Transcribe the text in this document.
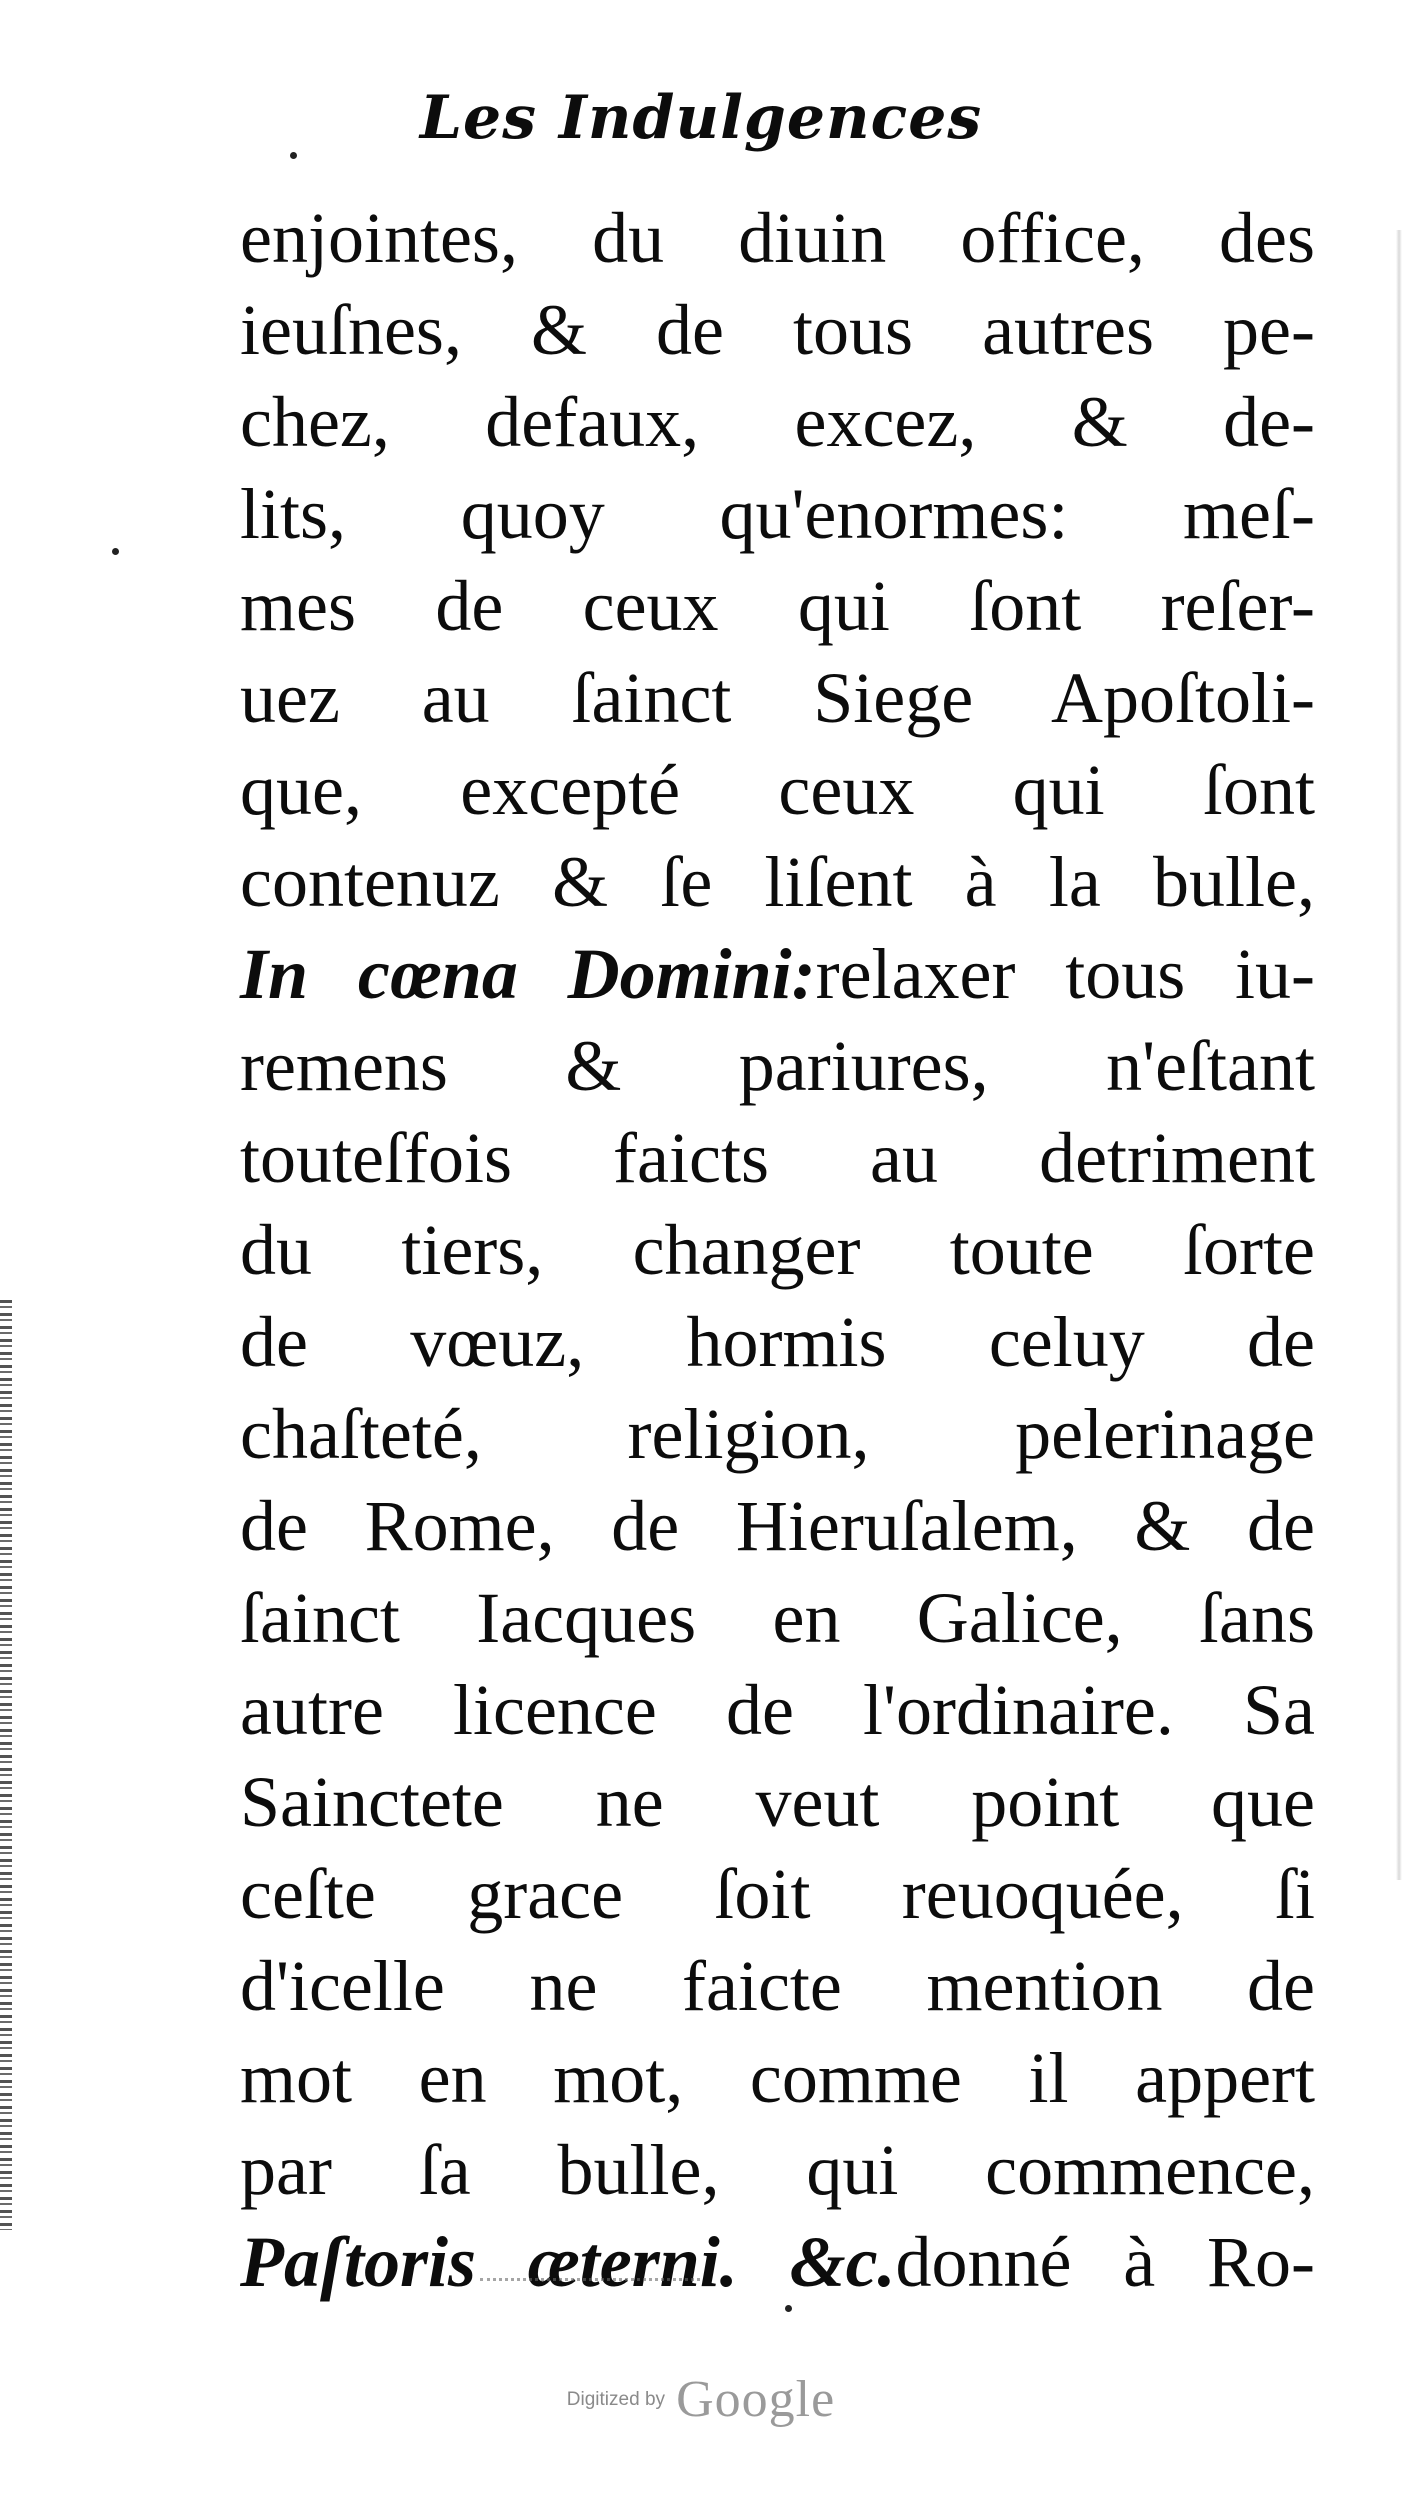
Les Indulgences
enjointes, du diuin office, des
ieuſnes, & de tous autres pe-
chez, defaux, excez, & de-
lits, quoy qu'enormes: meſ-
mes de ceux qui ſont reſer-
uez au ſainct Siege Apoſtoli-
que, excepté ceux qui ſont
contenuz & ſe liſent à la bulle,
In cœna Domini:relaxer tous iu-
remens & pariures, n'eſtant
touteſfois faicts au detriment
du tiers, changer toute ſorte
de vœuz, hormis celuy de
chaſteté, religion, pelerinage
de Rome, de Hieruſalem, & de
ſainct Iacques en Galice, ſans
autre licence de l'ordinaire. Sa
Sainctete ne veut point que
ceſte grace ſoit reuoquée, ſi
d'icelle ne faicte mention de
mot en mot, comme il appert
par ſa bulle, qui commence,
Paſtoris æterni. &c.donné à Ro-
Digitized by Google
